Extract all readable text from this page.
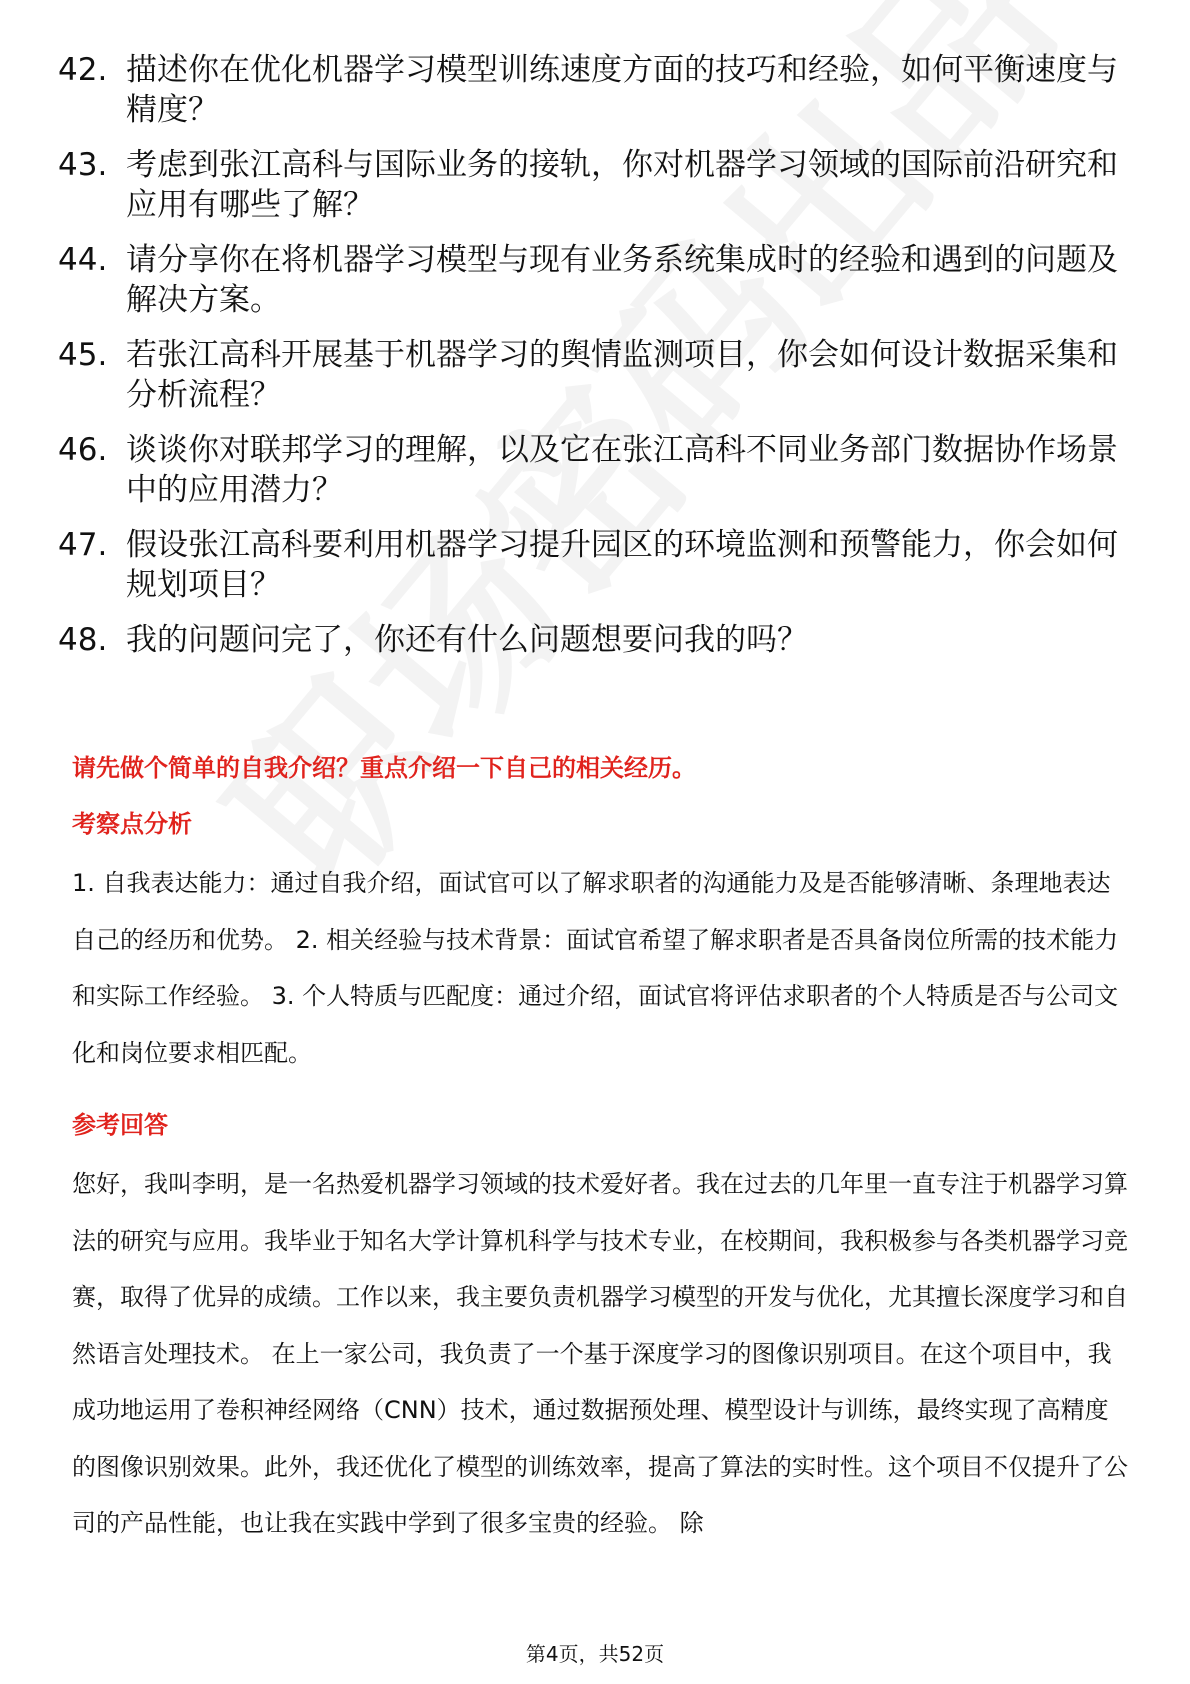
42. 描述你在优化机器学习模型训练速度方面的技巧和经验，如何平衡速度与精度？
43. 考虑到张江高科与国际业务的接轨，你对机器学习领域的国际前沿研究和应用有哪些了解？
44. 请分享你在将机器学习模型与现有业务系统集成时的经验和遇到的问题及解决方案。
45. 若张江高科开展基于机器学习的舆情监测项目，你会如何设计数据采集和分析流程？
46. 谈谈你对联邦学习的理解，以及它在张江高科不同业务部门数据协作场景中的应用潜力？
47. 假设张江高科要利用机器学习提升园区的环境监测和预警能力，你会如何规划项目？
48. 我的问题问完了，你还有什么问题想要问我的吗？
请先做个简单的自我介绍？重点介绍一下自己的相关经历。
考察点分析
1. 自我表达能力：通过自我介绍，面试官可以了解求职者的沟通能力及是否能够清晰、条理地表达自己的经历和优势。 2. 相关经验与技术背景：面试官希望了解求职者是否具备岗位所需的技术能力和实际工作经验。 3. 个人特质与匹配度：通过介绍，面试官将评估求职者的个人特质是否与公司文化和岗位要求相匹配。
参考回答
您好，我叫李明，是一名热爱机器学习领域的技术爱好者。我在过去的几年里一直专注于机器学习算法的研究与应用。我毕业于知名大学计算机科学与技术专业，在校期间，我积极参与各类机器学习竞赛，取得了优异的成绩。工作以来，我主要负责机器学习模型的开发与优化，尤其擅长深度学习和自然语言处理技术。 在上一家公司，我负责了一个基于深度学习的图像识别项目。在这个项目中，我成功地运用了卷积神经网络（CNN）技术，通过数据预处理、模型设计与训练，最终实现了高精度的图像识别效果。此外，我还优化了模型的训练效率，提高了算法的实时性。这个项目不仅提升了公司的产品性能，也让我在实践中学到了很多宝贵的经验。 除
第4页，共52页
